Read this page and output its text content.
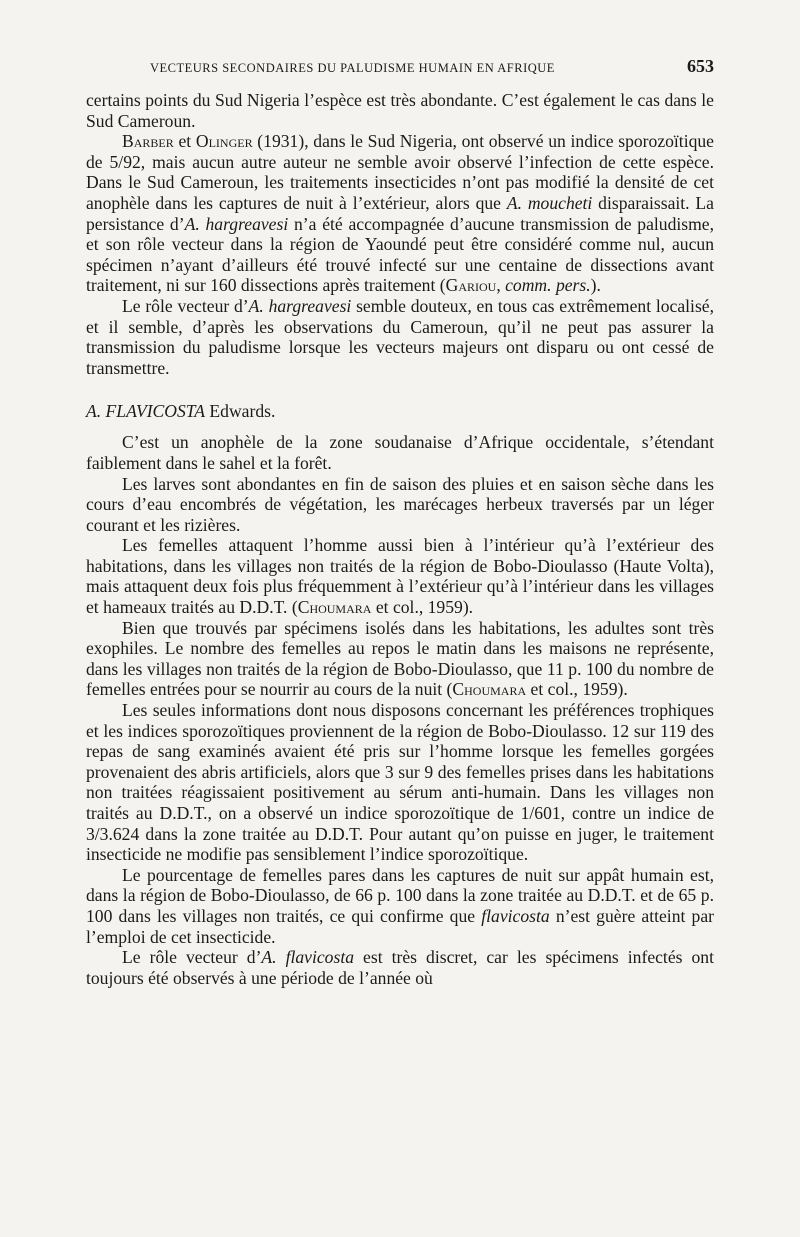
VECTEURS SECONDAIRES DU PALUDISME HUMAIN EN AFRIQUE	653

certains points du Sud Nigeria l’espèce est très abondante. C’est également le cas dans le Sud Cameroun.

Barber et Olinger (1931), dans le Sud Nigeria, ont observé un indice sporozoïtique de 5/92, mais aucun autre auteur ne semble avoir observé l’infection de cette espèce. Dans le Sud Cameroun, les traitements insecticides n’ont pas modifié la densité de cet anophèle dans les captures de nuit à l’extérieur, alors que A. moucheti disparaissait. La persistance d’A. hargreavesi n’a été accompagnée d’aucune transmission de paludisme, et son rôle vecteur dans la région de Yaoundé peut être considéré comme nul, aucun spécimen n’ayant d’ailleurs été trouvé infecté sur une centaine de dissections avant traitement, ni sur 160 dissections après traitement (Gariou, comm. pers.).

Le rôle vecteur d’A. hargreavesi semble douteux, en tous cas extrêmement localisé, et il semble, d’après les observations du Cameroun, qu’il ne peut pas assurer la transmission du paludisme lorsque les vecteurs majeurs ont disparu ou ont cessé de transmettre.

A. FLAVICOSTA Edwards.

C’est un anophèle de la zone soudanaise d’Afrique occidentale, s’étendant faiblement dans le sahel et la forêt.

Les larves sont abondantes en fin de saison des pluies et en saison sèche dans les cours d’eau encombrés de végétation, les marécages herbeux traversés par un léger courant et les rizières.

Les femelles attaquent l’homme aussi bien à l’intérieur qu’à l’extérieur des habitations, dans les villages non traités de la région de Bobo-Dioulasso (Haute Volta), mais attaquent deux fois plus fréquemment à l’extérieur qu’à l’intérieur dans les villages et hameaux traités au D.D.T. (Choumara et col., 1959).

Bien que trouvés par spécimens isolés dans les habitations, les adultes sont très exophiles. Le nombre des femelles au repos le matin dans les maisons ne représente, dans les villages non traités de la région de Bobo-Dioulasso, que 11 p. 100 du nombre de femelles entrées pour se nourrir au cours de la nuit (Choumara et col., 1959).

Les seules informations dont nous disposons concernant les préférences trophiques et les indices sporozoïtiques proviennent de la région de Bobo-Dioulasso. 12 sur 119 des repas de sang examinés avaient été pris sur l’homme lorsque les femelles gorgées provenaient des abris artificiels, alors que 3 sur 9 des femelles prises dans les habitations non traitées réagissaient positivement au sérum anti-humain. Dans les villages non traités au D.D.T., on a observé un indice sporozoïtique de 1/601, contre un indice de 3/3.624 dans la zone traitée au D.D.T. Pour autant qu’on puisse en juger, le traitement insecticide ne modifie pas sensiblement l’indice sporozoïtique.

Le pourcentage de femelles pares dans les captures de nuit sur appât humain est, dans la région de Bobo-Dioulasso, de 66 p. 100 dans la zone traitée au D.D.T. et de 65 p. 100 dans les villages non traités, ce qui confirme que flavicosta n’est guère atteint par l’emploi de cet insecticide.

Le rôle vecteur d’A. flavicosta est très discret, car les spécimens infectés ont toujours été observés à une période de l’année où
